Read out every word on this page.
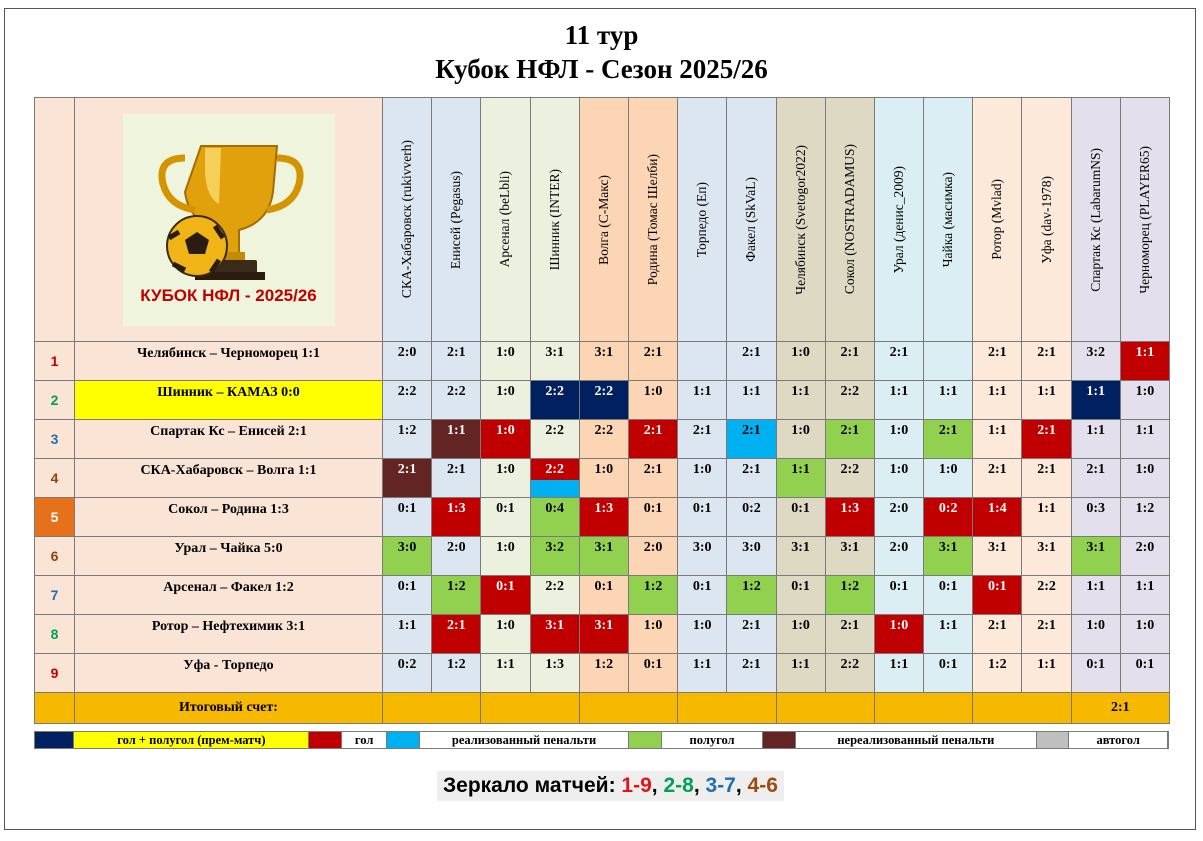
11 тур
Кубок НФЛ - Сезон 2025/26

	КУБОК НФЛ - 2025/26	СКА-Хабаровск (rukivverh)	Енисей (Pegasus)	Арсенал (beLbli)	Шинник (INTER)	Волга (С-Макс)	Родина (Томас Шелби)	Торпедо (Еп)	Факел (SkVaL)	Челябинск (Svetogor2022)	Сокол (NOSTRADAMUS)	Урал (денис_2009)	Чайка (масимка)	Ротор (Mvlad)	Уфа (dav-1978)	Спартак Кс (LabarumNS)	Черноморец (PLAYER65)

1	Челябинск – Черноморец 1:1	2:0	2:1	1:0	3:1	3:1	2:1		2:1	1:0	2:1	2:1		2:1	2:1	3:2	1:1
2	Шинник – КАМАЗ 0:0	2:2	2:2	1:0	2:2	2:2	1:0	1:1	1:1	1:1	2:2	1:1	1:1	1:1	1:1	1:1	1:0
3	Спартак Кс – Енисей 2:1	1:2	1:1	1:0	2:2	2:2	2:1	2:1	2:1	1:0	2:1	1:0	2:1	1:1	2:1	1:1	1:1
4	СКА-Хабаровск – Волга 1:1	2:1	2:1	1:0	2:2	1:0	2:1	1:0	2:1	1:1	2:2	1:0	1:0	2:1	2:1	2:1	1:0
5	Сокол – Родина 1:3	0:1	1:3	0:1	0:4	1:3	0:1	0:1	0:2	0:1	1:3	2:0	0:2	1:4	1:1	0:3	1:2
6	Урал – Чайка 5:0	3:0	2:0	1:0	3:2	3:1	2:0	3:0	3:0	3:1	3:1	2:0	3:1	3:1	3:1	3:1	2:0
7	Арсенал – Факел 1:2	0:1	1:2	0:1	2:2	0:1	1:2	0:1	1:2	0:1	1:2	0:1	0:1	0:1	2:2	1:1	1:1
8	Ротор – Нефтехимик 3:1	1:1	2:1	1:0	3:1	3:1	1:0	1:0	2:1	1:0	2:1	1:0	1:1	2:1	2:1	1:0	1:0
9	Уфа - Торпедо	0:2	1:2	1:1	1:3	1:2	0:1	1:1	2:1	1:1	2:2	1:1	0:1	1:2	1:1	0:1	0:1
	Итоговый счет:															2:1	
гол + полугол (прем-матч)	гол	реализованный пенальти	полугол	нереализованный пенальти	автогол
Зеркало матчей: 1-9, 2-8, 3-7, 4-6
